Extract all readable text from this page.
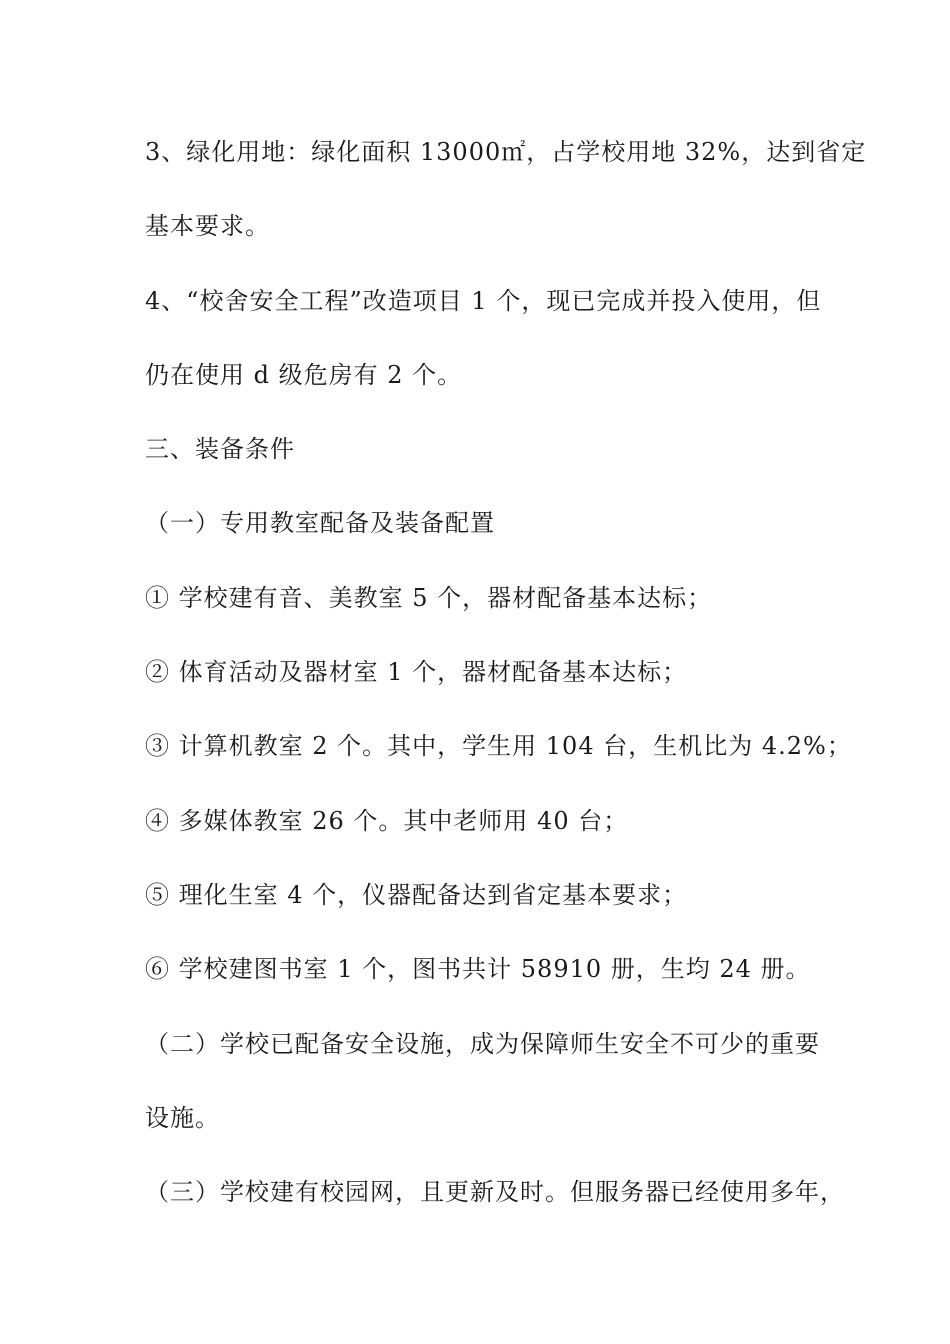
3、绿化用地：绿化面积 13000㎡，占学校用地 32%，达到省定
基本要求。
4、“校舍安全工程”改造项目 1 个，现已完成并投入使用，但
仍在使用 d 级危房有 2 个。
三、装备条件
（一）专用教室配备及装备配置
① 学校建有音、美教室 5 个，器材配备基本达标；
② 体育活动及器材室 1 个，器材配备基本达标；
③ 计算机教室 2 个。其中，学生用 104 台，生机比为 4.2%；
④ 多媒体教室 26 个。其中老师用 40 台；
⑤ 理化生室 4 个，仪器配备达到省定基本要求；
⑥ 学校建图书室 1 个，图书共计 58910 册，生均 24 册。
（二）学校已配备安全设施，成为保障师生安全不可少的重要
设施。
（三）学校建有校园网，且更新及时。但服务器已经使用多年，
